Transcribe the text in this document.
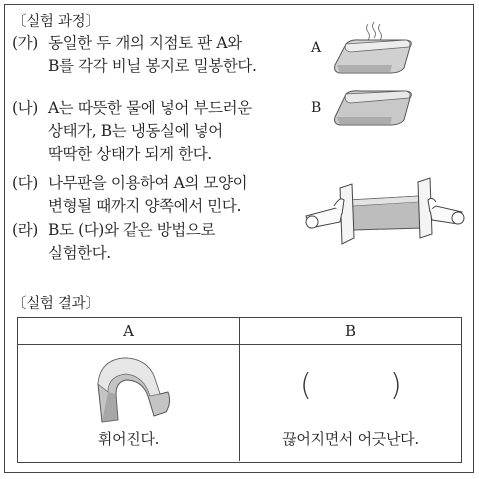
〔실험 과정〕
(가) 동일한 두 개의 지점토 판 A와
B를 각각 비닐 봉지로 밀봉한다.
(나) A는 따뜻한 물에 넣어 부드러운
상태가, B는 냉동실에 넣어
딱딱한 상태가 되게 한다.
(다) 나무판을 이용하여 A의 모양이
변형될 때까지 양쪽에서 민다.
(라) B도 (다)와 같은 방법으로
실험한다.
A
B
〔실험 결과〕
A	B
휘어진다.
(	)
끊어지면서 어긋난다.
